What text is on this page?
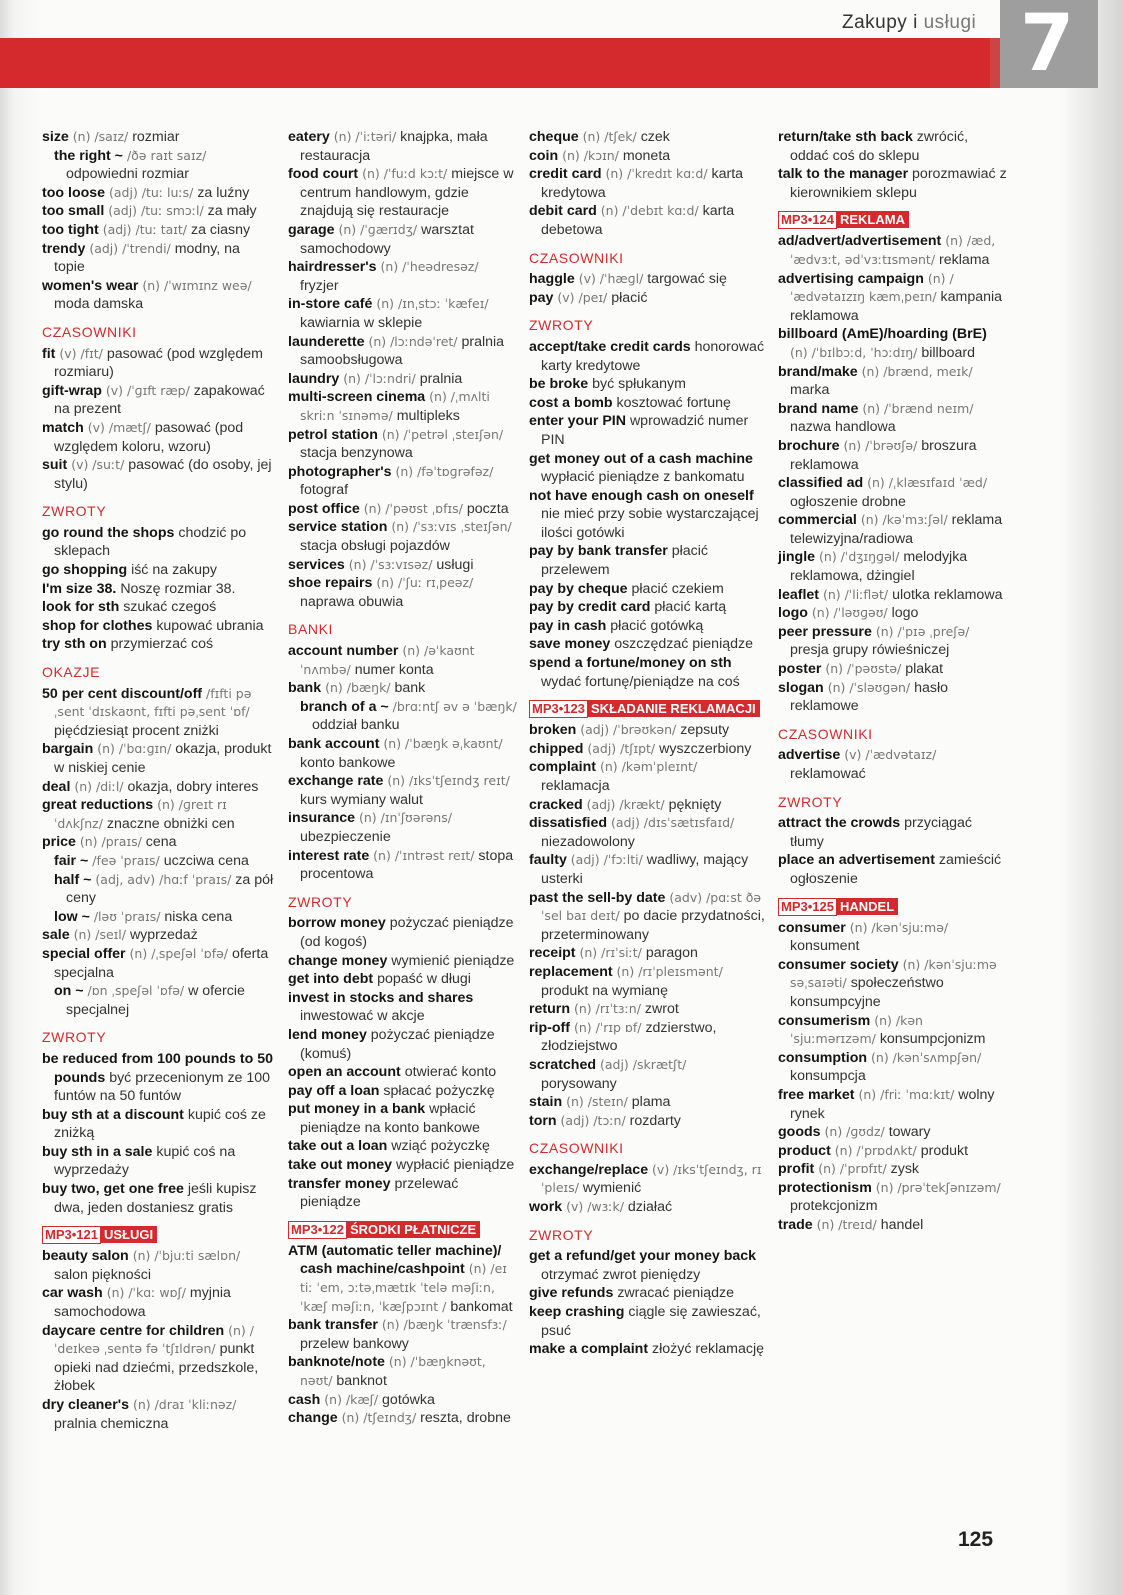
7
Zakupy i usługi
size (n) /saɪz/ rozmiar
the right ~ /ðə raɪt saɪz/ odpowiedni rozmiar
too loose (adj) /tuː luːs/ za luźny
too small (adj) /tuː smɔːl/ za mały
too tight (adj) /tuː taɪt/ za ciasny
trendy (adj) /ˈtrendi/ modny, na topie
women's wear (n) /ˈwɪmɪnz weə/ moda damska
CZASOWNIKI
fit (v) /fɪt/ pasować (pod względem rozmiaru)
gift-wrap (v) /ˈɡɪft ræp/ zapakować na prezent
match (v) /mætʃ/ pasować (pod względem koloru, wzoru)
suit (v) /suːt/ pasować (do osoby, jej stylu)
ZWROTY
go round the shops chodzić po sklepach
go shopping iść na zakupy
I'm size 38. Noszę rozmiar 38.
look for sth szukać czegoś
shop for clothes kupować ubrania
try sth on przymierzać coś
OKAZJE
50 per cent discount/off /fɪfti pəˌsent ˈdɪskaʊnt, fɪfti pəˌsent ˈɒf/ pięćdziesiąt procent zniżki
bargain (n) /ˈbɑːɡɪn/ okazja, produkt w niskiej cenie
deal (n) /diːl/ okazja, dobry interes
great reductions (n) /ɡreɪt rɪˈdʌkʃnz/ znaczne obniżki cen
price (n) /praɪs/ cena
fair ~ /feə ˈpraɪs/ uczciwa cena
half ~ (adj, adv) /hɑːf ˈpraɪs/ za pół ceny
low ~ /ləʊ ˈpraɪs/ niska cena
sale (n) /seɪl/ wyprzedaż
special offer (n) /ˌspeʃəl ˈɒfə/ oferta specjalna
on ~ /ɒn ˌspeʃəl ˈɒfə/ w ofercie specjalnej
ZWROTY
be reduced from 100 pounds to 50 pounds być przecenionym ze 100 funtów na 50 funtów
buy sth at a discount kupić coś ze zniżką
buy sth in a sale kupić coś na wyprzedaży
buy two, get one free jeśli kupisz dwa, jeden dostaniesz gratis
MP3•121 USŁUGI
beauty salon (n) /ˈbjuːti sælɒn/ salon piękności
car wash (n) /ˈkɑː wɒʃ/ myjnia samochodowa
daycare centre for children (n) /ˈdeɪkeə ˌsentə fə ˈtʃɪldrən/ punkt opieki nad dziećmi, przedszkole, żłobek
dry cleaner's (n) /draɪ ˈkliːnəz/ pralnia chemiczna
eatery (n) /ˈiːtəri/ knajpka, mała restauracja
food court (n) /ˈfuːd kɔːt/ miejsce w centrum handlowym, gdzie znajdują się restauracje
garage (n) /ˈɡærɪdʒ/ warsztat samochodowy
hairdresser's (n) /ˈheədresəz/ fryzjer
in-store café (n) /ɪnˌstɔː ˈkæfeɪ/ kawiarnia w sklepie
launderette (n) /lɔːndəˈret/ pralnia samoobsługowa
laundry (n) /ˈlɔːndri/ pralnia
multi-screen cinema (n) /ˌmʌlti skriːn ˈsɪnəmə/ multipleks
petrol station (n) /ˈpetrəl ˌsteɪʃən/ stacja benzynowa
photographer's (n) /fəˈtɒɡrəfəz/ fotograf
post office (n) /ˈpəʊst ˌɒfɪs/ poczta
service station (n) /ˈsɜːvɪs ˌsteɪʃən/ stacja obsługi pojazdów
services (n) /ˈsɜːvɪsəz/ usługi
shoe repairs (n) /ˈʃuː rɪˌpeəz/ naprawa obuwia
BANKI
account number (n) /əˈkaʊnt ˈnʌmbə/ numer konta
bank (n) /bæŋk/ bank
branch of a ~ /brɑːntʃ əv ə ˈbæŋk/ oddział banku
bank account (n) /ˈbæŋk əˌkaʊnt/ konto bankowe
exchange rate (n) /ɪksˈtʃeɪndʒ reɪt/ kurs wymiany walut
insurance (n) /ɪnˈʃʊərəns/ ubezpieczenie
interest rate (n) /ˈɪntrəst reɪt/ stopa procentowa
ZWROTY
borrow money pożyczać pieniądze (od kogoś)
change money wymienić pieniądze
get into debt popaść w długi
invest in stocks and shares inwestować w akcje
lend money pożyczać pieniądze (komuś)
open an account otwierać konto
pay off a loan spłacać pożyczkę
put money in a bank wpłacić pieniądze na konto bankowe
take out a loan wziąć pożyczkę
take out money wypłacić pieniądze
transfer money przelewać pieniądze
MP3•122 ŚRODKI PŁATNICZE
ATM (automatic teller machine)/ cash machine/cashpoint (n) /eɪ tiː ˈem, ɔːtəˌmætɪk ˈtelə məʃiːn, ˈkæʃ məʃiːn, ˈkæʃpɔɪnt / bankomat
bank transfer (n) /bæŋk ˈtrænsfɜː/ przelew bankowy
banknote/note (n) /ˈbæŋknəʊt, nəʊt/ banknot
cash (n) /kæʃ/ gotówka
change (n) /tʃeɪndʒ/ reszta, drobne
cheque (n) /tʃek/ czek
coin (n) /kɔɪn/ moneta
credit card (n) /ˈkredɪt kɑːd/ karta kredytowa
debit card (n) /ˈdebɪt kɑːd/ karta debetowa
CZASOWNIKI
haggle (v) /ˈhæɡl/ targować się
pay (v) /peɪ/ płacić
ZWROTY
accept/take credit cards honorować karty kredytowe
be broke być spłukanym
cost a bomb kosztować fortunę
enter your PIN wprowadzić numer PIN
get money out of a cash machine wypłacić pieniądze z bankomatu
not have enough cash on oneself nie mieć przy sobie wystarczającej ilości gotówki
pay by bank transfer płacić przelewem
pay by cheque płacić czekiem
pay by credit card płacić kartą
pay in cash płacić gotówką
save money oszczędzać pieniądze
spend a fortune/money on sth wydać fortunę/pieniądze na coś
MP3•123 SKŁADANIE REKLAMACJI
broken (adj) /ˈbrəʊkən/ zepsuty
chipped (adj) /tʃɪpt/ wyszczerbiony
complaint (n) /kəmˈpleɪnt/ reklamacja
cracked (adj) /krækt/ pęknięty
dissatisfied (adj) /dɪsˈsætɪsfaɪd/ niezadowolony
faulty (adj) /ˈfɔːlti/ wadliwy, mający usterki
past the sell-by date (adv) /pɑːst ðə ˈsel baɪ deɪt/ po dacie przydatności, przeterminowany
receipt (n) /rɪˈsiːt/ paragon
replacement (n) /rɪˈpleɪsmənt/ produkt na wymianę
return (n) /rɪˈtɜːn/ zwrot
rip-off (n) /ˈrɪp ɒf/ zdzierstwo, złodziejstwo
scratched (adj) /skrætʃt/ porysowany
stain (n) /steɪn/ plama
torn (adj) /tɔːn/ rozdarty
CZASOWNIKI
exchange/replace (v) /ɪksˈtʃeɪndʒ, rɪˈpleɪs/ wymienić
work (v) /wɜːk/ działać
ZWROTY
get a refund/get your money back otrzymać zwrot pieniędzy
give refunds zwracać pieniądze
keep crashing ciągle się zawieszać, psuć
make a complaint złożyć reklamację
return/take sth back zwrócić, oddać coś do sklepu
talk to the manager porozmawiać z kierownikiem sklepu
MP3•124 REKLAMA
ad/advert/advertisement (n) /æd, ˈædvɜːt, ədˈvɜːtɪsmənt/ reklama
advertising campaign (n) /ˈædvətaɪzɪŋ kæmˌpeɪn/ kampania reklamowa
billboard (AmE)/hoarding (BrE) (n) /ˈbɪlbɔːd, ˈhɔːdɪŋ/ billboard
brand/make (n) /brænd, meɪk/ marka
brand name (n) /ˈbrænd neɪm/ nazwa handlowa
brochure (n) /ˈbrəʊʃə/ broszura reklamowa
classified ad (n) /ˌklæsɪfaɪd ˈæd/ ogłoszenie drobne
commercial (n) /kəˈmɜːʃəl/ reklama telewizyjna/radiowa
jingle (n) /ˈdʒɪŋɡəl/ melodyjka reklamowa, dżingiel
leaflet (n) /ˈliːflət/ ulotka reklamowa
logo (n) /ˈləʊɡəʊ/ logo
peer pressure (n) /ˈpɪə ˌpreʃə/ presja grupy rówieśniczej
poster (n) /ˈpəʊstə/ plakat
slogan (n) /ˈsləʊɡən/ hasło reklamowe
CZASOWNIKI
advertise (v) /ˈædvətaɪz/ reklamować
ZWROTY
attract the crowds przyciągać tłumy
place an advertisement zamieścić ogłoszenie
MP3•125 HANDEL
consumer (n) /kənˈsjuːmə/ konsument
consumer society (n) /kənˈsjuːmə səˌsaɪəti/ społeczeństwo konsumpcyjne
consumerism (n) /kənˈsjuːmərɪzəm/ konsumpcjonizm
consumption (n) /kənˈsʌmpʃən/ konsumpcja
free market (n) /friː ˈmɑːkɪt/ wolny rynek
goods (n) /ɡʊdz/ towary
product (n) /ˈprɒdʌkt/ produkt
profit (n) /ˈprɒfɪt/ zysk
protectionism (n) /prəˈtekʃənɪzəm/ protekcjonizm
trade (n) /treɪd/ handel
125
